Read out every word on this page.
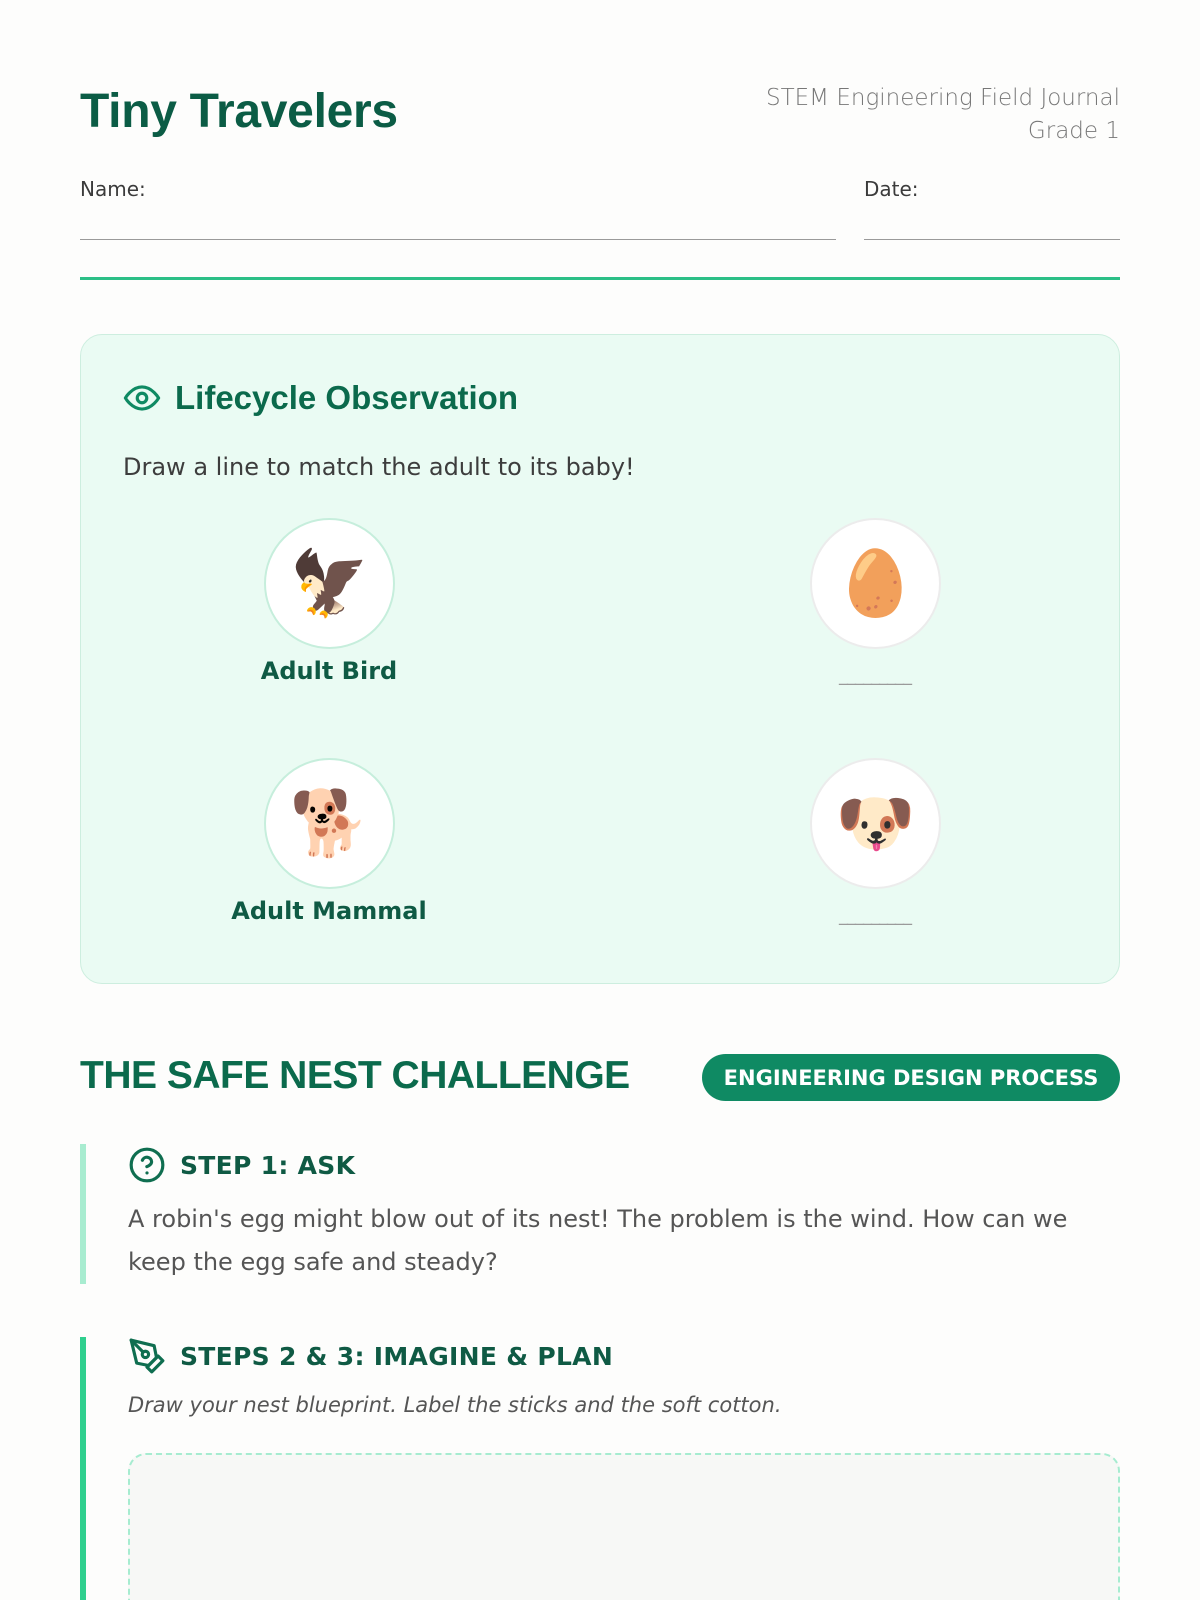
Tiny Travelers	STEM Engineering Field Journal
Grade 1
Name:	Date:
Lifecycle Observation
Draw a line to match the adult to its baby!
🦅
Adult Bird
🥚
_________
🐕
Adult Mammal
🐶
_________
THE SAFE NEST CHALLENGE	ENGINEERING DESIGN PROCESS
STEP 1: ASK
A robin's egg might blow out of its nest! The problem is the wind. How can we keep the egg safe and steady?
STEPS 2 & 3: IMAGINE & PLAN
Draw your nest blueprint. Label the sticks and the soft cotton.
